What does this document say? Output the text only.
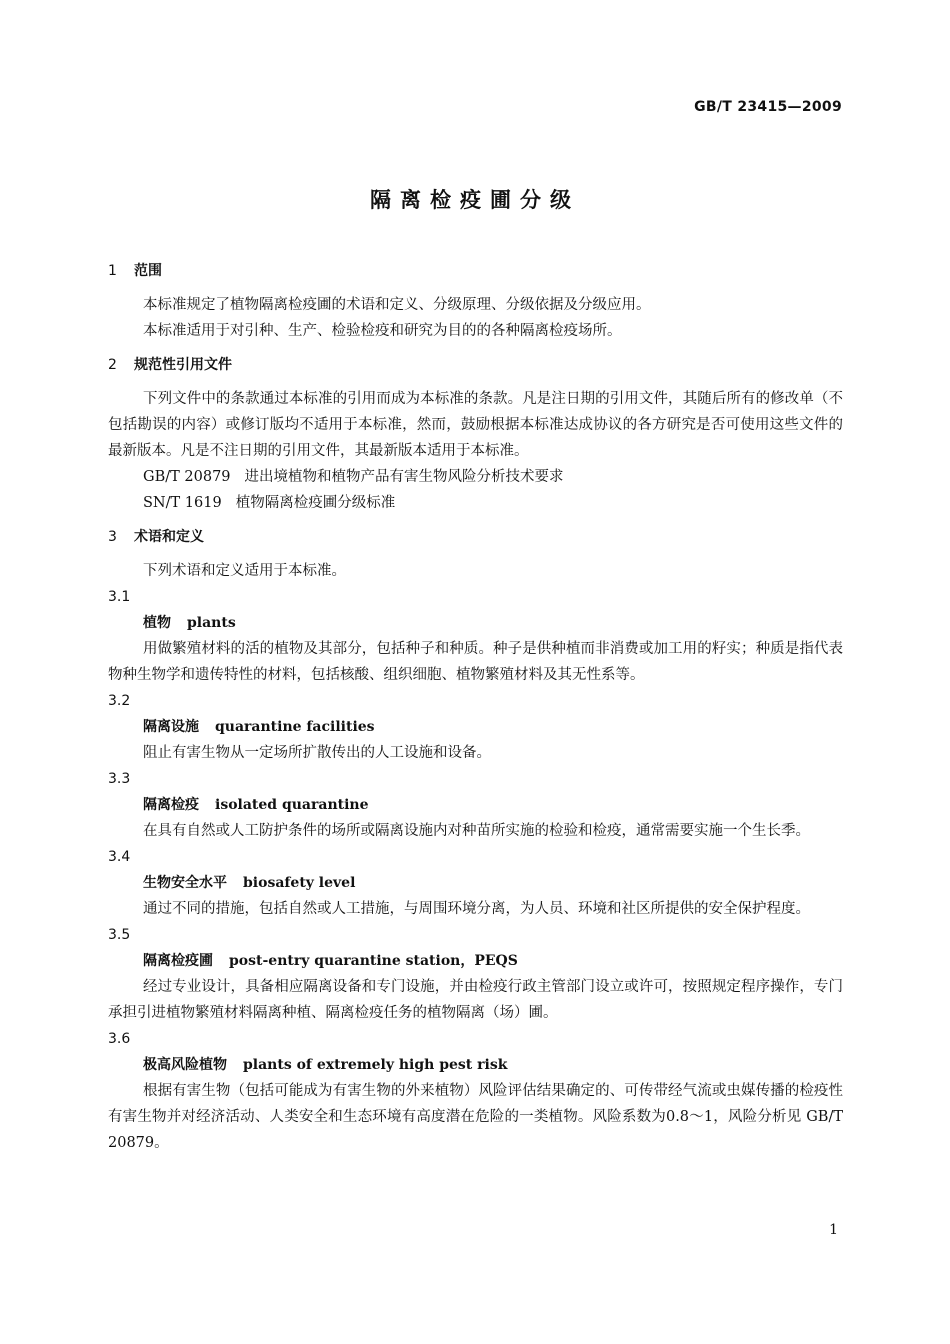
GB/T 23415—2009
隔离检疫圃分级
1 范围
本标准规定了植物隔离检疫圃的术语和定义、分级原理、分级依据及分级应用。
本标准适用于对引种、生产、检验检疫和研究为目的的各种隔离检疫场所。
2 规范性引用文件
下列文件中的条款通过本标准的引用而成为本标准的条款。凡是注日期的引用文件，其随后所有的修改单（不包括勘误的内容）或修订版均不适用于本标准，然而，鼓励根据本标准达成协议的各方研究是否可使用这些文件的最新版本。凡是不注日期的引用文件，其最新版本适用于本标准。
GB/T 20879 进出境植物和植物产品有害生物风险分析技术要求
SN/T 1619 植物隔离检疫圃分级标准
3 术语和定义
下列术语和定义适用于本标准。
3.1
植物 plants
用做繁殖材料的活的植物及其部分，包括种子和种质。种子是供种植而非消费或加工用的籽实；种质是指代表物种生物学和遗传特性的材料，包括核酸、组织细胞、植物繁殖材料及其无性系等。
3.2
隔离设施 quarantine facilities
阻止有害生物从一定场所扩散传出的人工设施和设备。
3.3
隔离检疫 isolated quarantine
在具有自然或人工防护条件的场所或隔离设施内对种苗所实施的检验和检疫，通常需要实施一个生长季。
3.4
生物安全水平 biosafety level
通过不同的措施，包括自然或人工措施，与周围环境分离，为人员、环境和社区所提供的安全保护程度。
3.5
隔离检疫圃 post-entry quarantine station，PEQS
经过专业设计，具备相应隔离设备和专门设施，并由检疫行政主管部门设立或许可，按照规定程序操作，专门承担引进植物繁殖材料隔离种植、隔离检疫任务的植物隔离（场）圃。
3.6
极高风险植物 plants of extremely high pest risk
根据有害生物（包括可能成为有害生物的外来植物）风险评估结果确定的、可传带经气流或虫媒传播的检疫性有害生物并对经济活动、人类安全和生态环境有高度潜在危险的一类植物。风险系数为0.8～1，风险分析见 GB/T 20879。
1
